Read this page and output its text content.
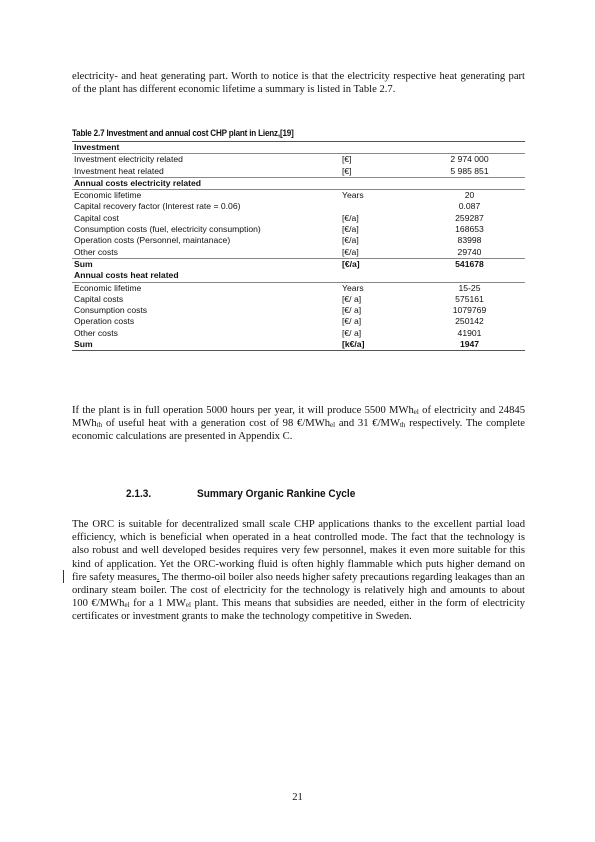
electricity- and heat generating part. Worth to notice is that the electricity respective heat generating part of the plant has different economic lifetime a summary is listed in Table 2.7.

Table 2.7 Investment and annual cost CHP plant in Lienz,[19]
Investment		
Investment electricity related	[€]	2 974 000
Investment heat related	[€]	5 985 851
Annual costs electricity related		
Economic lifetime	Years	20
Capital recovery factor (Interest rate = 0.06)		0.087
Capital cost	[€/a]	259287
Consumption costs (fuel, electricity consumption)	[€/a]	168653
Operation costs (Personnel, maintanace)	[€/a]	83998
Other costs	[€/a]	29740
Sum	[€/a]	541678
Annual costs heat related		
Economic lifetime	Years	15-25
Capital costs	[€/ a]	575161
Consumption costs	[€/ a]	1079769
Operation costs	[€/ a]	250142
Other costs	[€/ a]	41901
Sum	[k€/a]	1947

If the plant is in full operation 5000 hours per year, it will produce 5500 MWh$_{el}$ of electricity and 24845 MWh$_{th}$ of useful heat with a generation cost of 98 €/MWh$_{el}$ and 31 $€/MW_{th}$ respectively. The complete economic calculations are presented in Appendix C.

2.1.3.	Summary Organic Rankine Cycle

The ORC is suitable for decentralized small scale CHP applications thanks to the excellent partial load efficiency, which is beneficial when operated in a heat controlled mode. The fact that the technology is also robust and well developed besides requires very few personnel, makes it even more suitable for this kind of application. Yet the ORC-working fluid is often highly flammable which puts higher demand on fire safety measures. The thermo-oil boiler also needs higher safety precautions regarding leakages than an ordinary steam boiler. The cost of electricity for the technology is relatively high and amounts to about 100 €/MWh$_{el}$ for a 1 $MW_{el}$ plant. This means that subsidies are needed, either in the form of electricity certificates or investment grants to make the technology competitive in Sweden.

21
